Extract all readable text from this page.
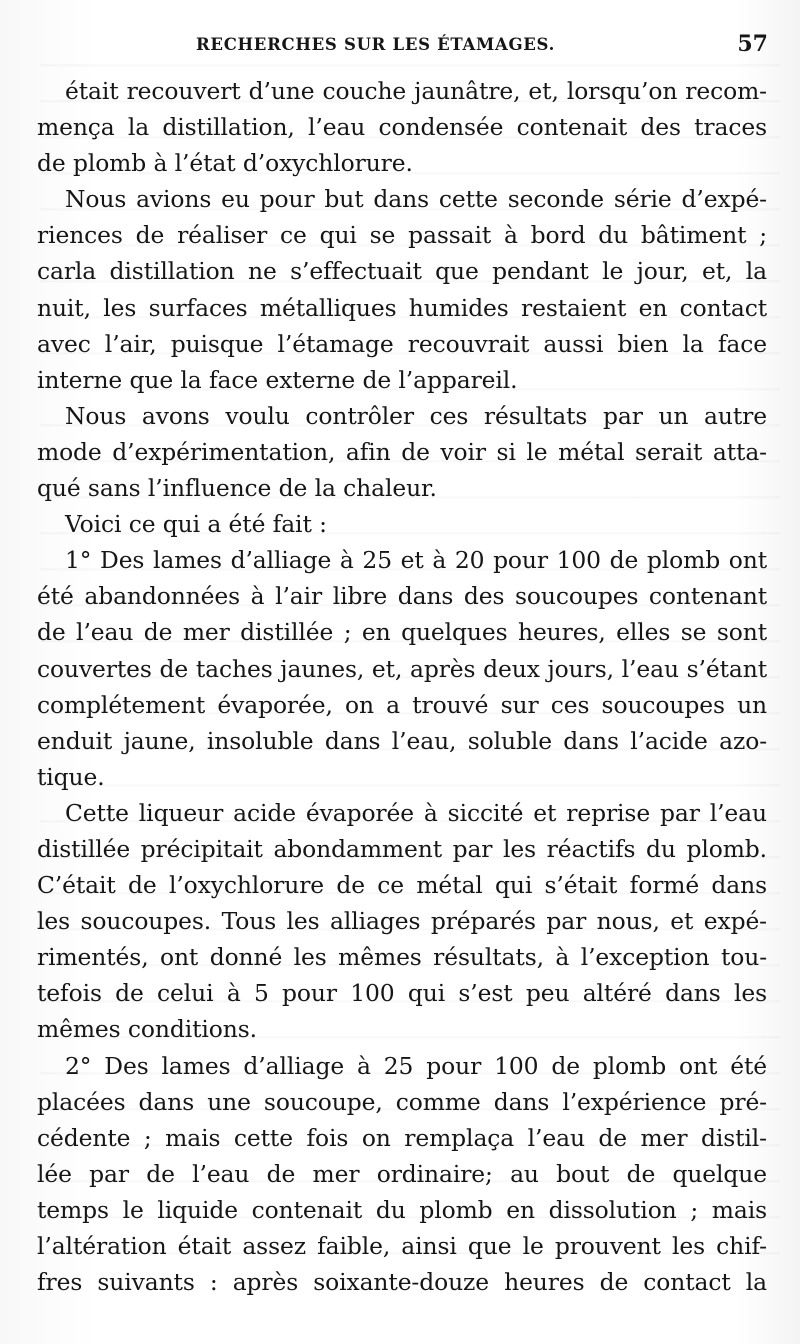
RECHERCHES SUR LES ÉTAMAGES.	57
était recouvert d’une couche jaunâtre, et, lorsqu’on recom-
mença la distillation, l’eau condensée contenait des traces
de plomb à l’état d’oxychlorure.
Nous avions eu pour but dans cette seconde série d’expé-
riences de réaliser ce qui se passait à bord du bâtiment ;
carla distillation ne s’effectuait que pendant le jour, et, la
nuit, les surfaces métalliques humides restaient en contact
avec l’air, puisque l’étamage recouvrait aussi bien la face
interne que la face externe de l’appareil.
Nous avons voulu contrôler ces résultats par un autre
mode d’expérimentation, afin de voir si le métal serait atta-
qué sans l’influence de la chaleur.
Voici ce qui a été fait :
1° Des lames d’alliage à 25 et à 20 pour 100 de plomb ont
été abandonnées à l’air libre dans des soucoupes contenant
de l’eau de mer distillée ; en quelques heures, elles se sont
couvertes de taches jaunes, et, après deux jours, l’eau s’étant
complétement évaporée, on a trouvé sur ces soucoupes un
enduit jaune, insoluble dans l’eau, soluble dans l’acide azo-
tique.
Cette liqueur acide évaporée à siccité et reprise par l’eau
distillée précipitait abondamment par les réactifs du plomb.
C’était de l’oxychlorure de ce métal qui s’était formé dans
les soucoupes. Tous les alliages préparés par nous, et expé-
rimentés, ont donné les mêmes résultats, à l’exception tou-
tefois de celui à 5 pour 100 qui s’est peu altéré dans les
mêmes conditions.
2° Des lames d’alliage à 25 pour 100 de plomb ont été
placées dans une soucoupe, comme dans l’expérience pré-
cédente ; mais cette fois on remplaça l’eau de mer distil-
lée par de l’eau de mer ordinaire; au bout de quelque
temps le liquide contenait du plomb en dissolution ; mais
l’altération était assez faible, ainsi que le prouvent les chif-
fres suivants : après soixante-douze heures de contact la
